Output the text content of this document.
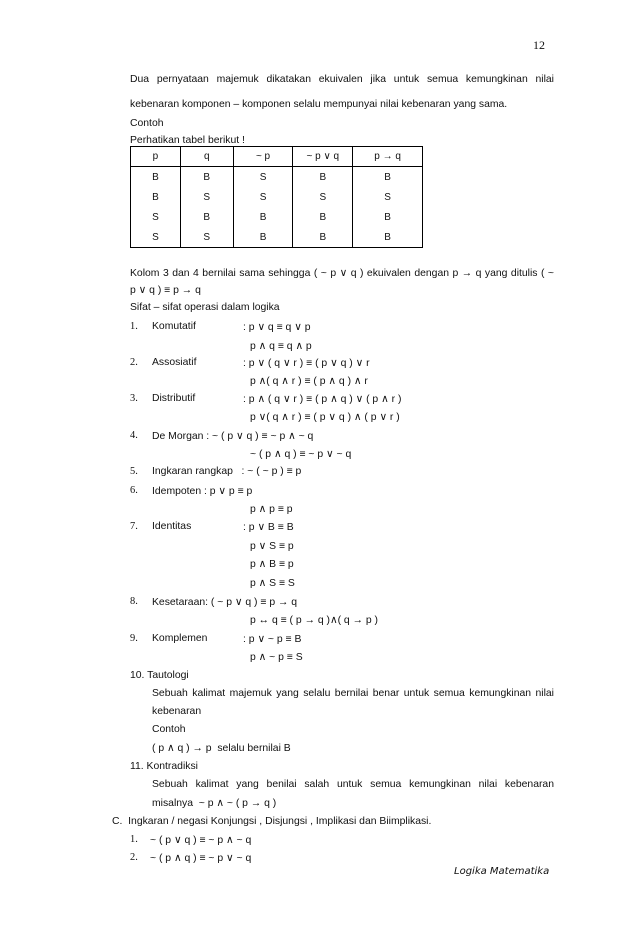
12
Dua pernyataan majemuk dikatakan ekuivalen jika untuk semua kemungkinan nilai
kebenaran komponen – komponen selalu mempunyai nilai kebenaran yang sama.
Contoh
Perhatikan tabel berikut !
p	q	~ p	~ p ∨ q	p → q
B	B	S	B	B
B	S	S	S	S
S	B	B	B	B
S	S	B	B	B
Kolom 3 dan 4 bernilai sama sehingga ( ~ p ∨ q ) ekuivalen dengan p → q yang ditulis ( ~
p ∨ q ) ≡ p → q
Sifat – sifat operasi dalam logika
1. Komutatif	: p ∨ q ≡ q ∨ p
p ∧ q ≡ q ∧ p
2. Assosiatif	: p ∨ ( q ∨ r ) ≡ ( p ∨ q ) ∨ r
p ∧( q ∧ r ) ≡ ( p ∧ q ) ∧ r
3. Distributif	: p ∧ ( q ∨ r ) ≡ ( p ∧ q ) ∨ ( p ∧ r )
p ∨( q ∧ r ) ≡ ( p ∨ q ) ∧ ( p ∨ r )
4. De Morgan : ~ ( p ∨ q ) ≡ ~ p ∧ ~ q
~ ( p ∧ q ) ≡ ~ p ∨ ~ q
5. Ingkaran rangkap   : ~ ( ~ p ) ≡ p
6. Idempoten : p ∨ p ≡ p
p ∧ p ≡ p
7. Identitas	: p ∨ B ≡ B
p ∨ S ≡ p
p ∧ B ≡ p
p ∧ S ≡ S
8. Kesetaraan: ( ~ p ∨ q ) ≡ p → q
p ↔ q ≡ ( p → q )∧( q → p )
9. Komplemen	: p ∨ ~ p ≡ B
p ∧ ~ p ≡ S
10. Tautologi
Sebuah kalimat majemuk yang selalu bernilai benar untuk semua kemungkinan nilai
kebenaran
Contoh
( p ∧ q ) → p  selalu bernilai B
11. Kontradiksi
Sebuah kalimat yang benilai salah untuk semua kemungkinan nilai kebenaran
misalnya  ~ p ∧ ~ ( p → q )
C.  Ingkaran / negasi Konjungsi , Disjungsi , Implikasi dan Biimplikasi.
1. ~ ( p ∨ q ) ≡ ~ p ∧ ~ q
2. ~ ( p ∧ q ) ≡ ~ p ∨ ~ q
Logika Matematika
